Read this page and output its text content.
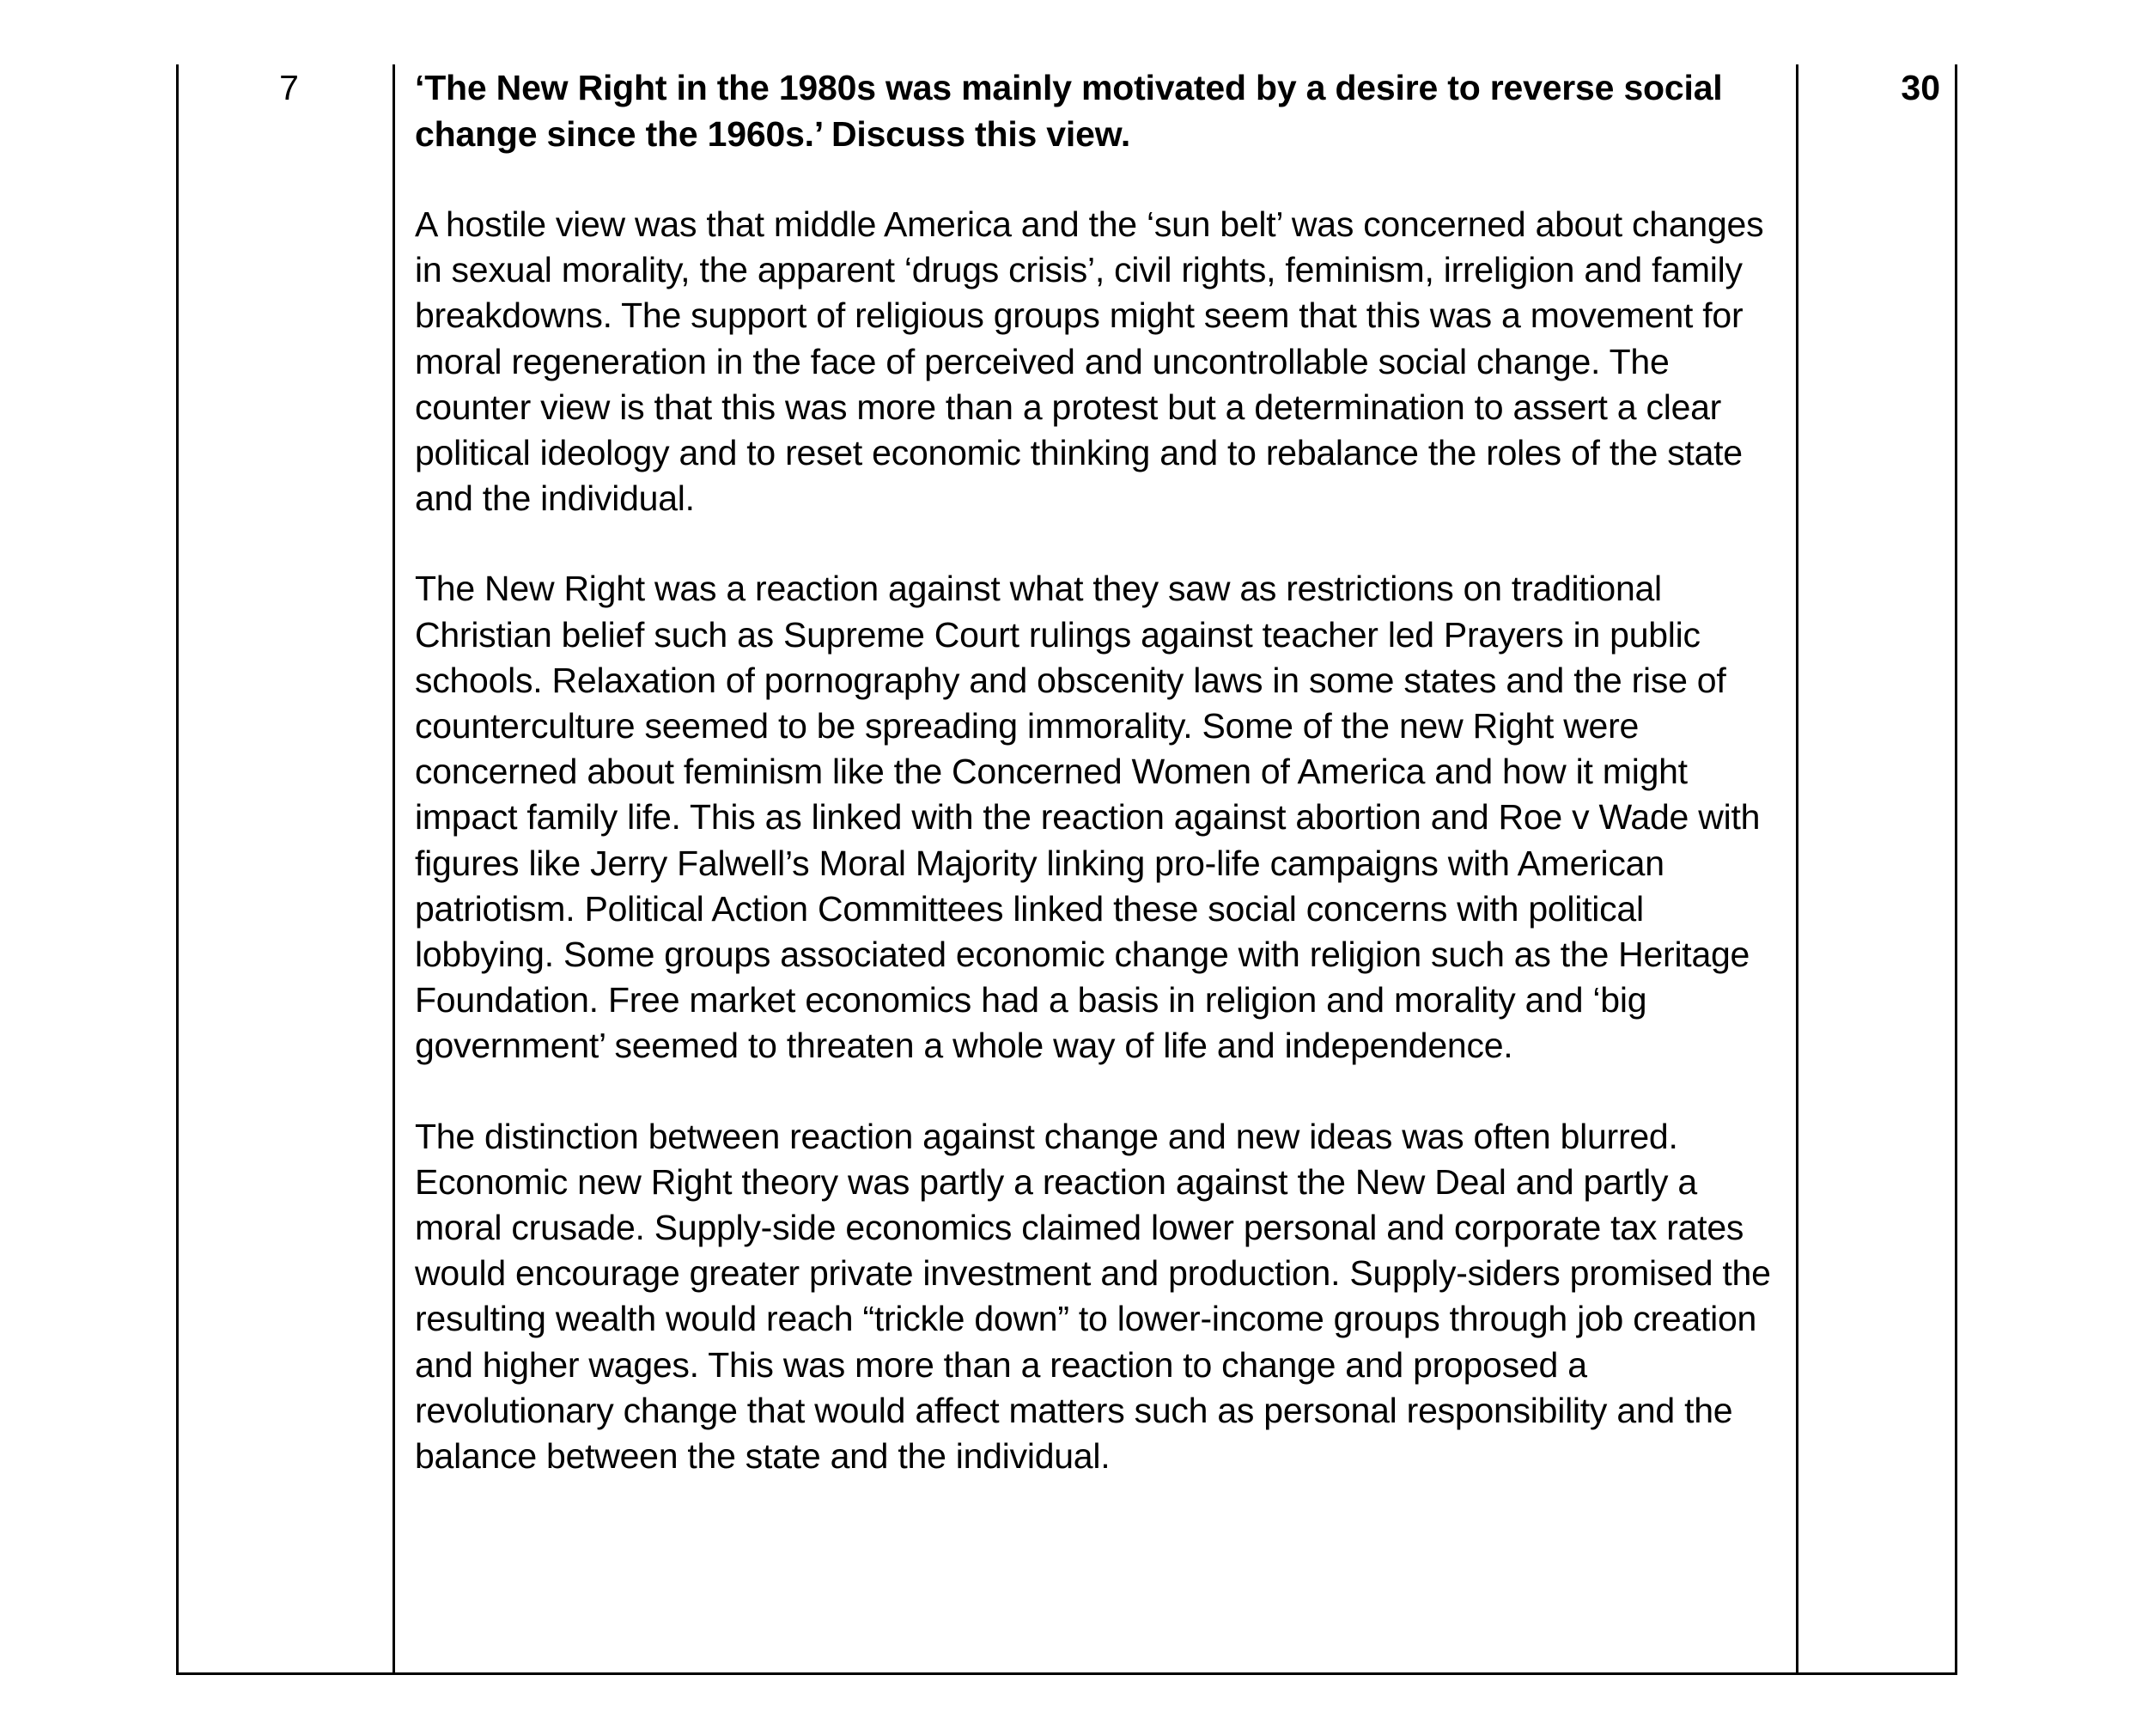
7	‘The New Right in the 1980s was mainly motivated by a desire to reverse social change since the 1960s.’ Discuss this view.

A hostile view was that middle America and the ‘sun belt’ was concerned about changes in sexual morality, the apparent ‘drugs crisis’, civil rights, feminism, irreligion and family breakdowns. The support of religious groups might seem that this was a movement for moral regeneration in the face of perceived and uncontrollable social change. The counter view is that this was more than a protest but a determination to assert a clear political ideology and to reset economic thinking and to rebalance the roles of the state and the individual.

The New Right was a reaction against what they saw as restrictions on traditional Christian belief such as Supreme Court rulings against teacher led Prayers in public schools. Relaxation of pornography and obscenity laws in some states and the rise of counterculture seemed to be spreading immorality. Some of the new Right were concerned about feminism like the Concerned Women of America and how it might impact family life. This as linked with the reaction against abortion and Roe v Wade with figures like Jerry Falwell’s Moral Majority linking pro-life campaigns with American patriotism. Political Action Committees linked these social concerns with political lobbying. Some groups associated economic change with religion such as the Heritage Foundation. Free market economics had a basis in religion and morality and ‘big government’ seemed to threaten a whole way of life and independence.

The distinction between reaction against change and new ideas was often blurred. Economic new Right theory was partly a reaction against the New Deal and partly a moral crusade. Supply-side economics claimed lower personal and corporate tax rates would encourage greater private investment and production. Supply-siders promised the resulting wealth would reach “trickle down” to lower-income groups through job creation and higher wages. This was more than a reaction to change and proposed a revolutionary change that would affect matters such as personal responsibility and the balance between the state and the individual.

30
